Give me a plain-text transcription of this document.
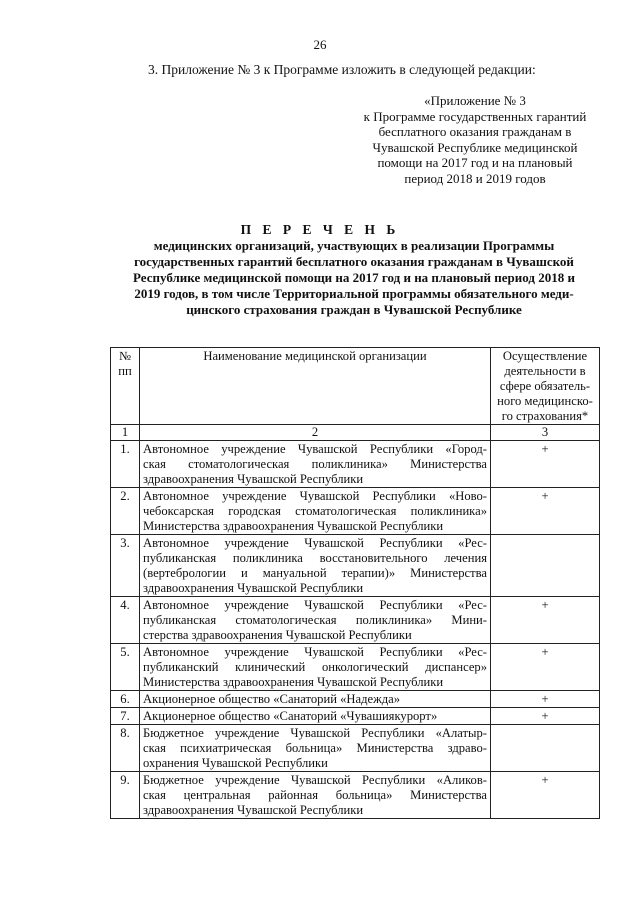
26
3. Приложение № 3 к Программе изложить в следующей редакции:
«Приложение № 3
к Программе государственных гарантий
бесплатного оказания гражданам в
Чувашской Республике медицинской
помощи на 2017 год и на плановый
период 2018 и 2019 годов
П Е Р Е Ч Е Н Ь
медицинских организаций, участвующих в реализации Программы
государственных гарантий бесплатного оказания гражданам в Чувашской
Республике медицинской помощи на 2017 год и на плановый период 2018 и
2019 годов, в том числе Территориальной программы обязательного меди-
цинского страхования граждан в Чувашской Республике
№
пп	Наименование медицинской организации	Осуществление
деятельности в
сфере обязатель-
ного медицинско-
го страхования*

1	2	3
1.	Автономное учреждение Чувашской Республики «Город-
ская стоматологическая поликлиника» Министерства
здравоохранения Чувашской Республики	+
2.	Автономное учреждение Чувашской Республики «Ново-
чебоксарская городская стоматологическая поликлиника»
Министерства здравоохранения Чувашской Республики	+
3.	Автономное учреждение Чувашской Республики «Рес-
публиканская поликлиника восстановительного лечения
(вертебрологии и мануальной терапии)» Министерства
здравоохранения Чувашской Республики	

4.	Автономное учреждение Чувашской Республики «Рес-
публиканская стоматологическая поликлиника» Мини-
стерства здравоохранения Чувашской Республики	+
5.	Автономное учреждение Чувашской Республики «Рес-
публиканский клинический онкологический диспансер»
Министерства здравоохранения Чувашской Республики	+
6.	Акционерное общество «Санаторий «Надежда»	+
7.	Акционерное общество «Санаторий «Чувашиякурорт»	+
8.	Бюджетное учреждение Чувашской Республики «Алатыр-
ская психиатрическая больница» Министерства здраво-
охранения Чувашской Республики	

9.	Бюджетное учреждение Чувашской Республики «Аликов-
ская центральная районная больница» Министерства
здравоохранения Чувашской Республики	+
